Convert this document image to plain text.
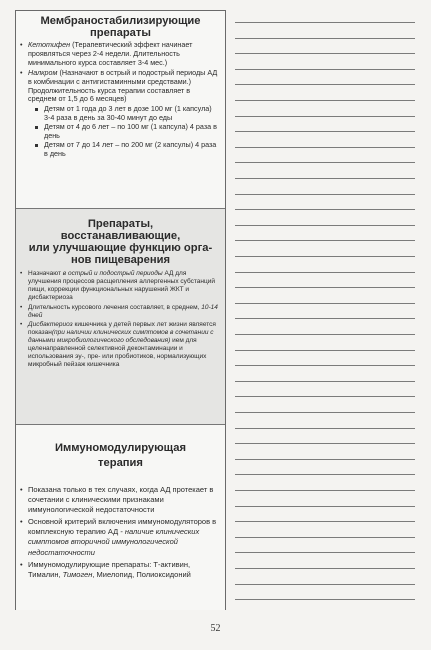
Мембраностабилизирующие
препараты
• Кетотифен (Терапевтический эффект начинает проявляться через 2-4 недели. Длительность минимального курса составляет 3-4 мес.)
• Налкром (Назначают в острый и подострый периоды АД в комбинации с антигистаминными средствами.) Продолжительность курса терапии составляет в среднем от 1,5 до 6 месяцев)
Детям от 1 года до 3 лет в дозе 100 мг (1 капсула) 3-4 раза в день за 30-40 минут до еды
Детям от 4 до 6 лет – по 100 мг (1 капсула) 4 раза в день
Детям от 7 до 14 лет – по 200 мг (2 капсулы) 4 раза в день
Препараты,
восстанавливающие,
или улучшающие функцию орга-
нов пищеварения
• Назначают в острый и подострый периоды АД для улучшения процессов расщепления аллергенных субстанций пищи, коррекции функциональных нарушений ЖКТ и дисбактериоза
• Длительность курсового лечения составляет, в среднем, 10-14 дней
• Дисбактериоз кишечника у детей первых лет жизни является показан(при наличии клинических симптомов в сочетании с данными микробиологического обследования) ием для целенаправленной селективной деконтаминации и использования эу-, пре- или пробиотиков, нормализующих микробный пейзаж кишечника
Иммуномодулирующая
терапия
• Показана только в тех случаях, когда АД протекает в сочетании с клиническими признаками иммунологической недостаточности
• Основной критерий включения иммуномодуляторов в комплексную терапию АД - наличие клинических симптомов вторичной иммунологической недостаточности
• Иммуномодулирующие препараты: Т-активин, Тималин, Тимоген, Миелопид, Полиоксидоний
52
